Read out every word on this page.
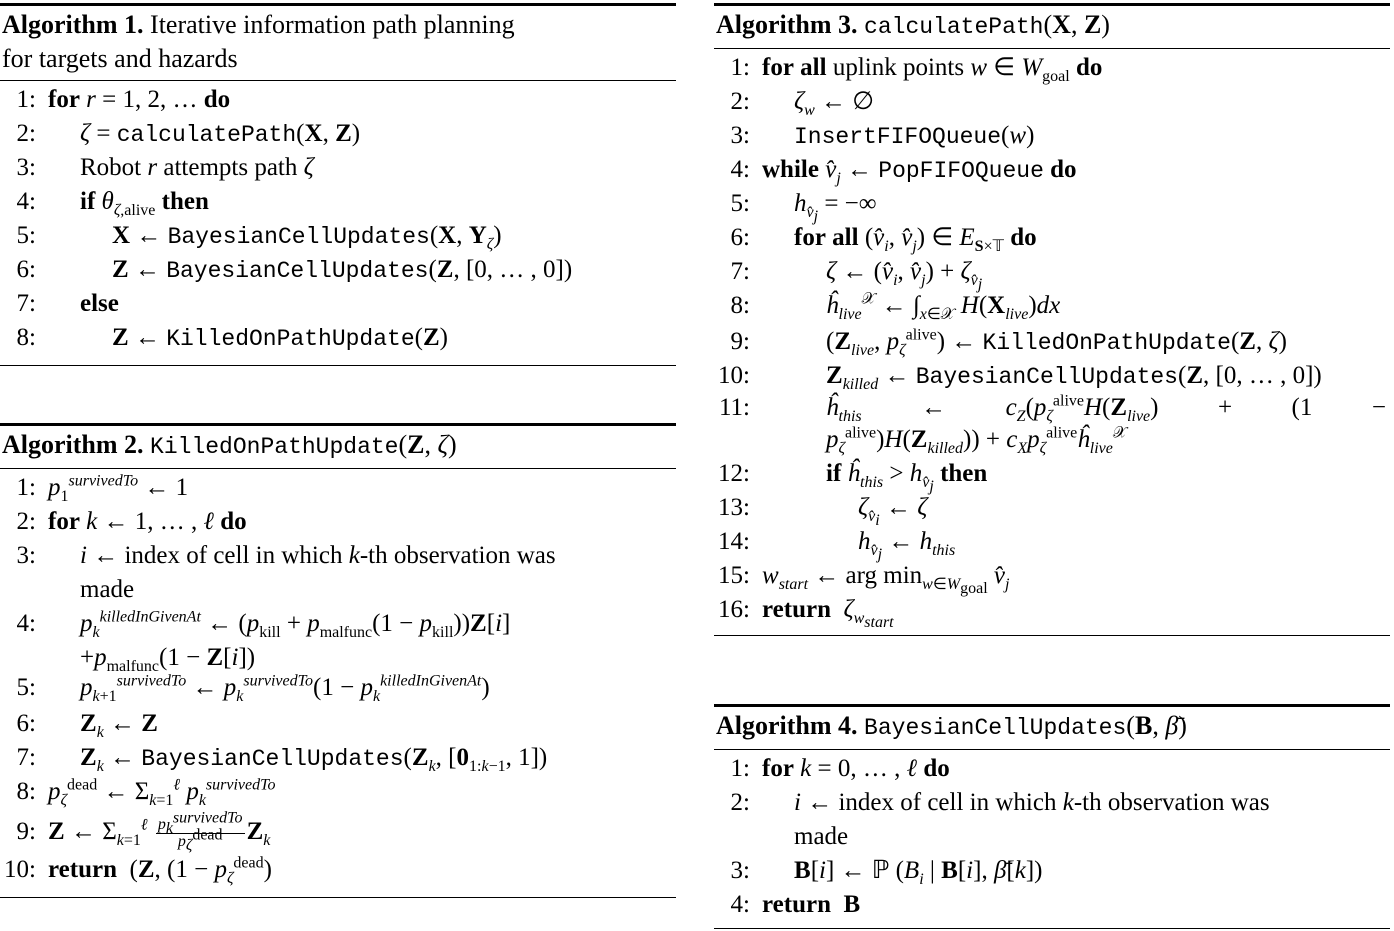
Algorithm 1. Iterative information path planning
for targets and hazards
1: for r = 1, 2, … do
2: ζ = calculatePath(X, Z)
3: Robot r attempts path ζ
4: if $\theta_{\zeta,alive}$ then
5:	X ← BayesianCellUpdates(X, $Y_\zeta$)
6:	Z ← BayesianCellUpdates(Z, [0, … , 0])
7: else
8:	Z ← KilledOnPathUpdate(Z)
Algorithm 2. KilledOnPathUpdate(Z, ζ)
1: $p_1^{survivedTo}$ ← 1
2: for k ← 1, … , ℓ do
3: i ← index of cell in which k-th observation was
made
4: $p_k^{killedInGivenAt}$ ← $(p_{kill} + p_{malfunc}(1 - p_{kill}))Z[i]$
$+p_{malfunc}(1 - Z[i])$
5: $p_{k+1}^{survivedTo}$ ← $p_k^{survivedTo}(1 - p_k^{killedInGivenAt})$
6: $Z_k$ ← Z
7: $Z_k$ ← $BayesianCellUpdates(Z_k$, [$0_{1:k-1}$, 1])
8: $p_\zeta^{dead}$ ← $\Sigma_{k=1}^\ell$ $p_k^{survivedTo}$
9: Z ← $\Sigma_{k=1}^\ell$ $p_k^{survivedTo}$
$p_\zeta^{dead}$ $Z_k$
10: return  (Z, $(1 - p_\zeta^{dead})$
Algorithm 3. calculatePath(X, Z)
1: for all uplink points w ∈ $W_{goal}$ do
2: $\zeta_w$ ← ∅
3: InsertFIFOQueue(w)
4: while $v̂_j$ ← PopFIFOQueue do
5: $h_{v̂_j}$ = −∞
6: for all ($v̂_i$, $v̂_j$) ∈ $E_{S\times 𝕋}$ do
7:	ζ ← ($v̂_i$, $v̂_j) + \zeta_{v̂_j}$
8:	$ĥ_{live}^𝒳$ ← $\int_{x\in 𝒳}$ $H(X_{live})dx$
9:	($Z_{live}$, $p_\zeta^{alive}$) ← KilledOnPathUpdate(Z, ζ)
10:	$Z_{killed}$ ← BayesianCellUpdates(Z, [0, … , 0])
11:	$ĥ_{this}$ ← $c_Z(p_\zeta^{alive}H(Z_{live}) + (1$ −
$p_\zeta^{alive})H(Z_{killed})$) + $c_Xp_\zeta^{alive}ĥ_{live}^𝒳$
12:	if $ĥ_{this} > h_{v̂_j}$ then
13:	$\zeta_{v̂_i}$ ← ζ
14:	$h_{v̂_j}$ ← $h_{this}$
15: $w_{start}$ ← arg $\min_{w\in W_{goal}}$ $v̂_j$
16: return $\zeta_{w_{start}}$
Algorithm 4. BayesianCellUpdates(B, β̄)
1: for k = 0, … , ℓ do
2: i ← index of cell in which k-th observation was
made
3: B[i] ← ℙ ($B_i$ | B[i], β̄[k])
4: return B
